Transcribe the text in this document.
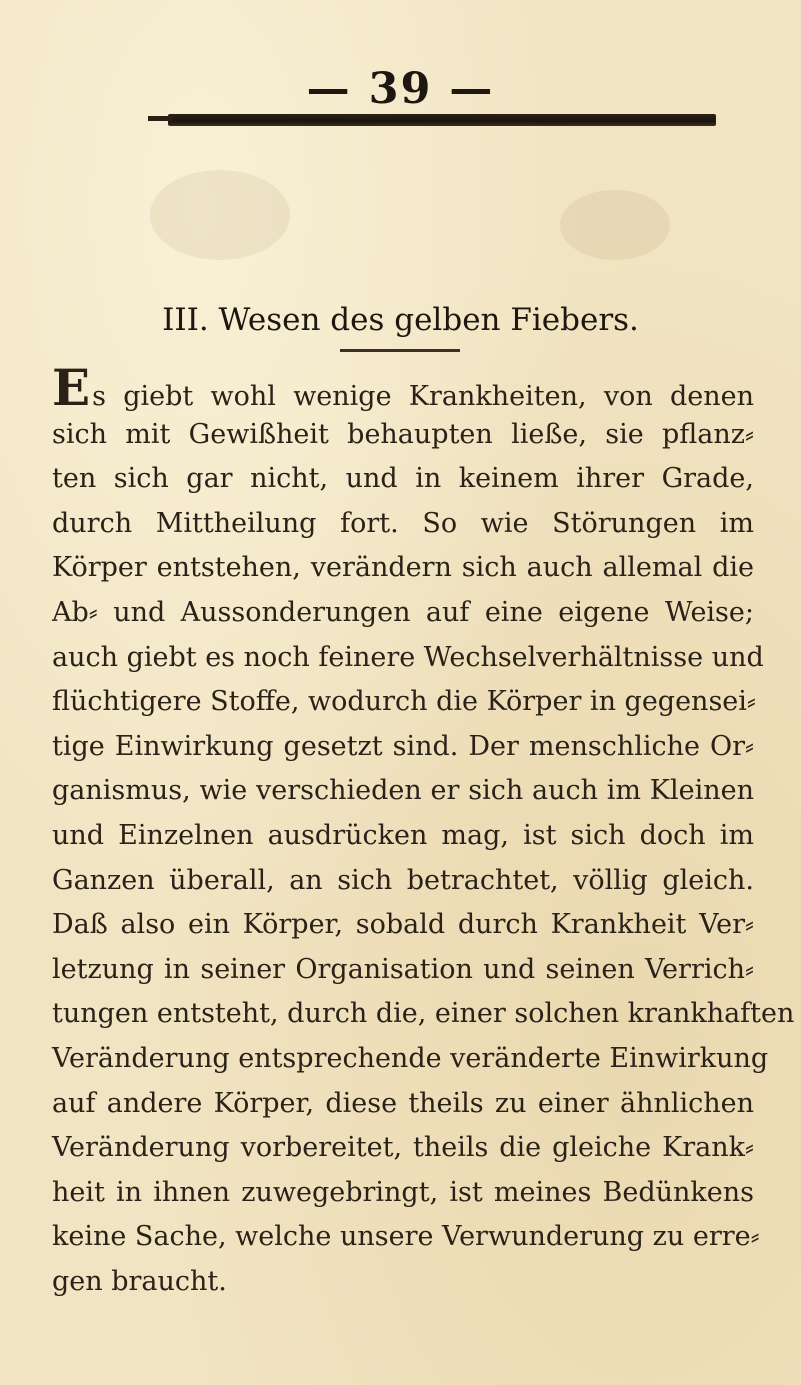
— 39 —
III. Wesen des gelben Fiebers.
Es giebt wohl wenige Krankheiten, von denen
sich mit Gewißheit behaupten ließe, sie pflanz⸗
ten sich gar nicht, und in keinem ihrer Grade,
durch Mittheilung fort. So wie Störungen im
Körper entstehen, verändern sich auch allemal die
Ab⸗ und Aussonderungen auf eine eigene Weise;
auch giebt es noch feinere Wechselverhältnisse und
flüchtigere Stoffe, wodurch die Körper in gegensei⸗
tige Einwirkung gesetzt sind. Der menschliche Or⸗
ganismus, wie verschieden er sich auch im Kleinen
und Einzelnen ausdrücken mag, ist sich doch im
Ganzen überall, an sich betrachtet, völlig gleich.
Daß also ein Körper, sobald durch Krankheit Ver⸗
letzung in seiner Organisation und seinen Verrich⸗
tungen entsteht, durch die, einer solchen krankhaften
Veränderung entsprechende veränderte Einwirkung
auf andere Körper, diese theils zu einer ähnlichen
Veränderung vorbereitet, theils die gleiche Krank⸗
heit in ihnen zuwegebringt, ist meines Bedünkens
keine Sache, welche unsere Verwunderung zu erre⸗
gen braucht.
